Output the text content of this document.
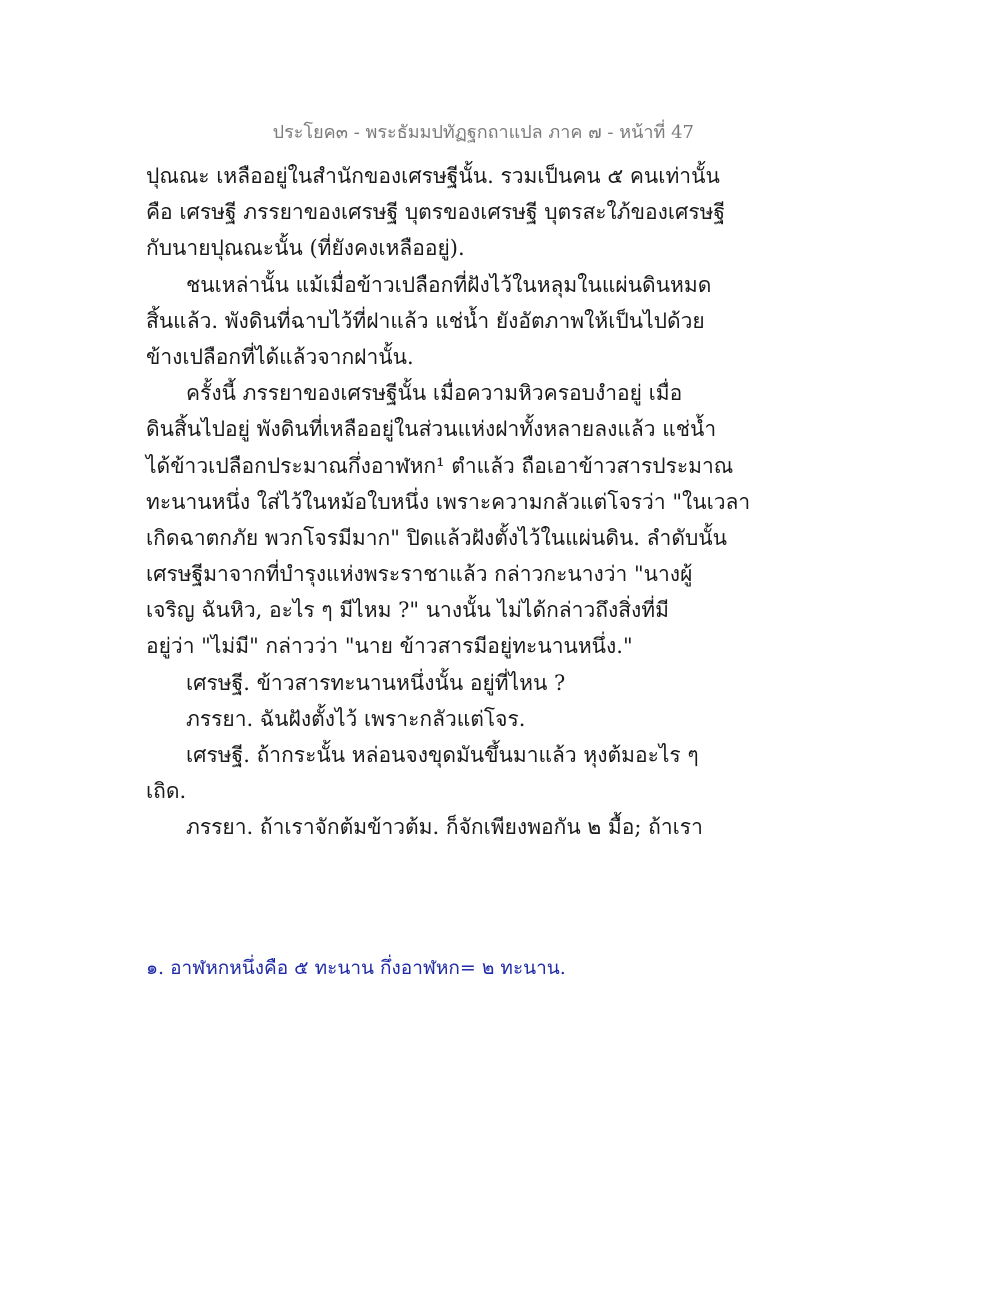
ประโยค๓ - พระธัมมปทัฏฐกถาแปล ภาค ๗ - หน้าที่ 47
ปุณณะ เหลืออยู่ในสำนักของเศรษฐีนั้น. รวมเป็นคน ๕ คนเท่านั้น
คือ เศรษฐี ภรรยาของเศรษฐี บุตรของเศรษฐี บุตรสะใภ้ของเศรษฐี
กับนายปุณณะนั้น (ที่ยังคงเหลืออยู่).
ชนเหล่านั้น แม้เมื่อข้าวเปลือกที่ฝังไว้ในหลุมในแผ่นดินหมด
สิ้นแล้ว. พังดินที่ฉาบไว้ที่ฝาแล้ว แช่น้ำ ยังอัตภาพให้เป็นไปด้วย
ข้างเปลือกที่ได้แล้วจากฝานั้น.
ครั้งนี้ ภรรยาของเศรษฐีนั้น เมื่อความหิวครอบงำอยู่ เมื่อ
ดินสิ้นไปอยู่ พังดินที่เหลืออยู่ในส่วนแห่งฝาทั้งหลายลงแล้ว แช่น้ำ
ได้ข้าวเปลือกประมาณกึ่งอาฬหก¹ ตำแล้ว ถือเอาข้าวสารประมาณ
ทะนานหนึ่ง ใส่ไว้ในหม้อใบหนึ่ง เพราะความกลัวแต่โจรว่า "ในเวลา
เกิดฉาตกภัย พวกโจรมีมาก" ปิดแล้วฝังตั้งไว้ในแผ่นดิน. ลำดับนั้น
เศรษฐีมาจากที่บำรุงแห่งพระราชาแล้ว กล่าวกะนางว่า "นางผู้
เจริญ ฉันหิว, อะไร ๆ มีไหม ?" นางนั้น ไม่ได้กล่าวถึงสิ่งที่มี
อยู่ว่า "ไม่มี" กล่าวว่า "นาย ข้าวสารมีอยู่ทะนานหนึ่ง."
เศรษฐี. ข้าวสารทะนานหนึ่งนั้น อยู่ที่ไหน ?
ภรรยา. ฉันฝังตั้งไว้ เพราะกลัวแต่โจร.
เศรษฐี. ถ้ากระนั้น หล่อนจงขุดมันขึ้นมาแล้ว หุงต้มอะไร ๆ
เถิด.
ภรรยา. ถ้าเราจักต้มข้าวต้ม. ก็จักเพียงพอกัน ๒ มื้อ; ถ้าเรา
๑. อาฬหกหนึ่งคือ ๕ ทะนาน กึ่งอาฬหก= ๒ ทะนาน.
